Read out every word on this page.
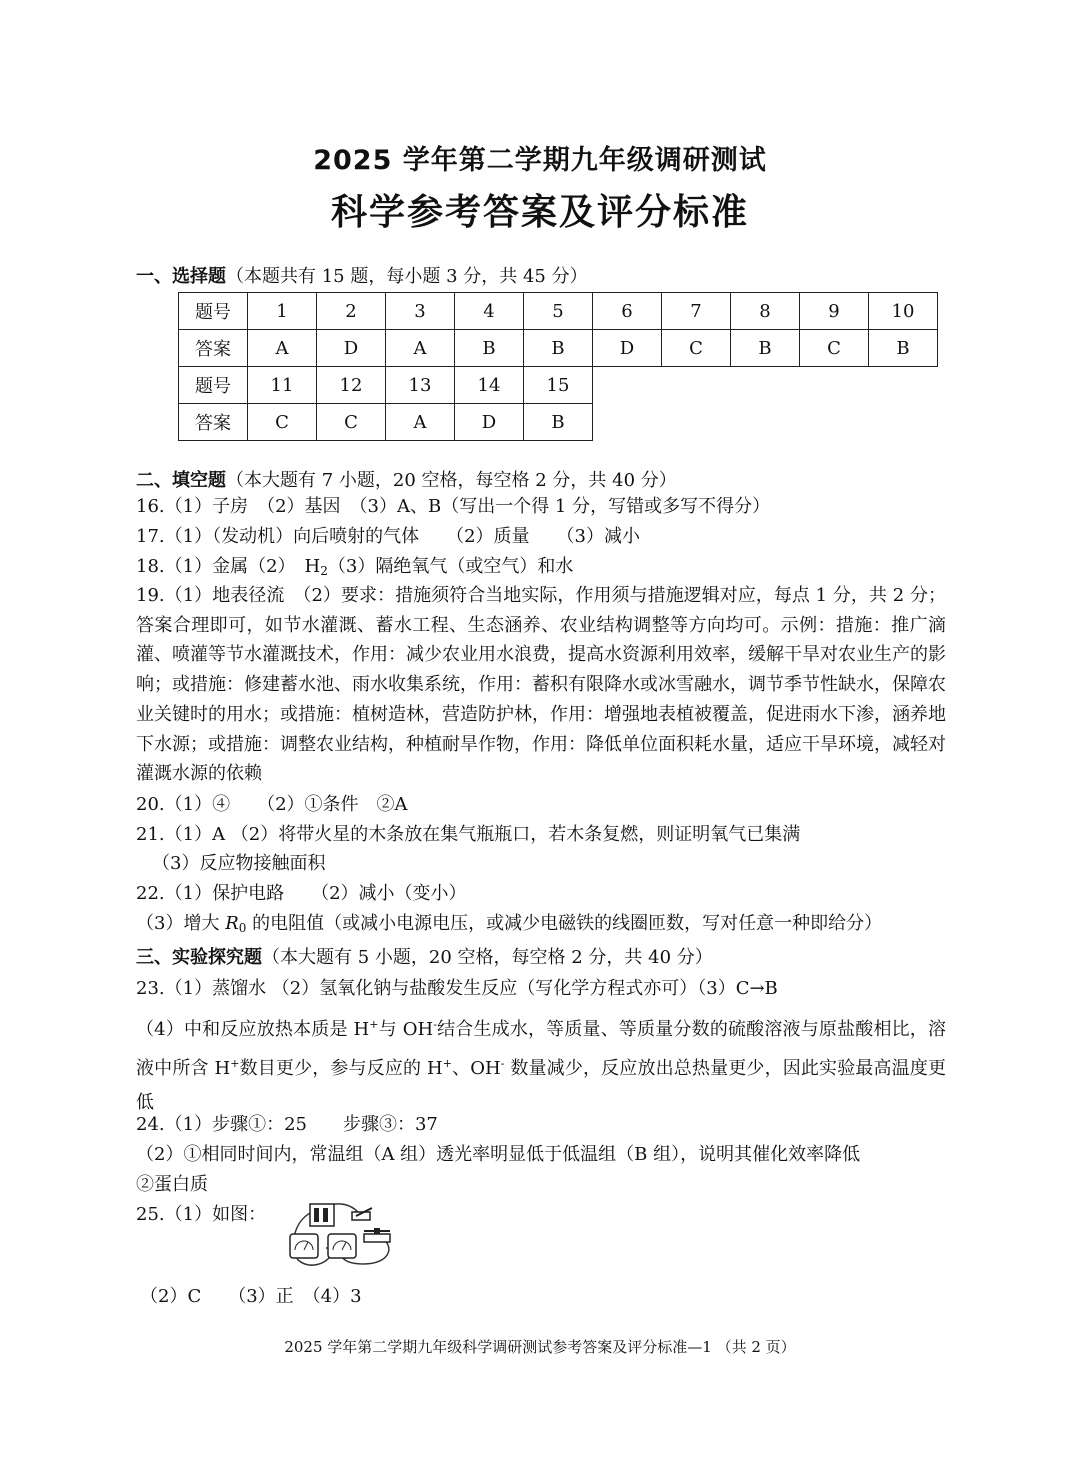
2025 学年第二学期九年级调研测试
科学参考答案及评分标准
一、选择题（本题共有 15 题，每小题 3 分，共 45 分）
题号	1	2	3	4	5	6	7	8	9	10
答案	A	D	A	B	B	D	C	B	C	B
题号	11	12	13	14	15					
答案	C	C	A	D	B					
二、填空题（本大题有 7 小题，20 空格，每空格 2 分，共 40 分）
16.（1）子房　（2）基因　（3）A、B（写出一个得 1 分，写错或多写不得分）
17.（1）（发动机）向后喷射的气体　　（2）质量　　（3）减小
18.（1）金属（2）　$H_2(3)$隔绝氧气（或空气）和水
19.（1）地表径流　（2）要求：措施须符合当地实际，作用须与措施逻辑对应，每点 1 分，共 2 分；答案合理即可，如节水灌溉、蓄水工程、生态涵养、农业结构调整等方向均可。示例：措施：推广滴灌、喷灌等节水灌溉技术，作用：减少农业用水浪费，提高水资源利用效率，缓解干旱对农业生产的影响；或措施：修建蓄水池、雨水收集系统，作用：蓄积有限降水或冰雪融水，调节季节性缺水，保障农业关键时的用水；或措施：植树造林，营造防护林，作用：增强地表植被覆盖，促进雨水下渗，涵养地下水源；或措施：调整农业结构，种植耐旱作物，作用：降低单位面积耗水量，适应干旱环境，减轻对灌溉水源的依赖
20.（1）④　　（2）①条件　②A
21.（1）A （2）将带火星的木条放在集气瓶瓶口，若木条复燃，则证明氧气已集满
（3）反应物接触面积
22.（1）保护电路　　（2）减小（变小）
（3）增大 $R_0$ 的电阻值（或减小电源电压，或减少电磁铁的线圈匝数，写对任意一种即给分）
三、实验探究题（本大题有 5 小题，20 空格，每空格 2 分，共 40 分）
23.（1）蒸馏水 （2）氢氧化钠与盐酸发生反应（写化学方程式亦可）（3）C→B
（4）中和反应放热本质是 H+与 OH-结合生成水，等质量、等质量分数的硫酸溶液与原盐酸相比，溶液中所含 H+数目更少，参与反应的 H+、OH- 数量减少，反应放出总热量更少，因此实验最高温度更低
24.（1）步骤①：25　　步骤③：37
（2）①相同时间内，常温组（A 组）透光率明显低于低温组（B 组），说明其催化效率降低
②蛋白质
25.（1）如图：
（2）C　　（3）正　（4）3
2025 学年第二学期九年级科学调研测试参考答案及评分标准—1 （共 2 页）
